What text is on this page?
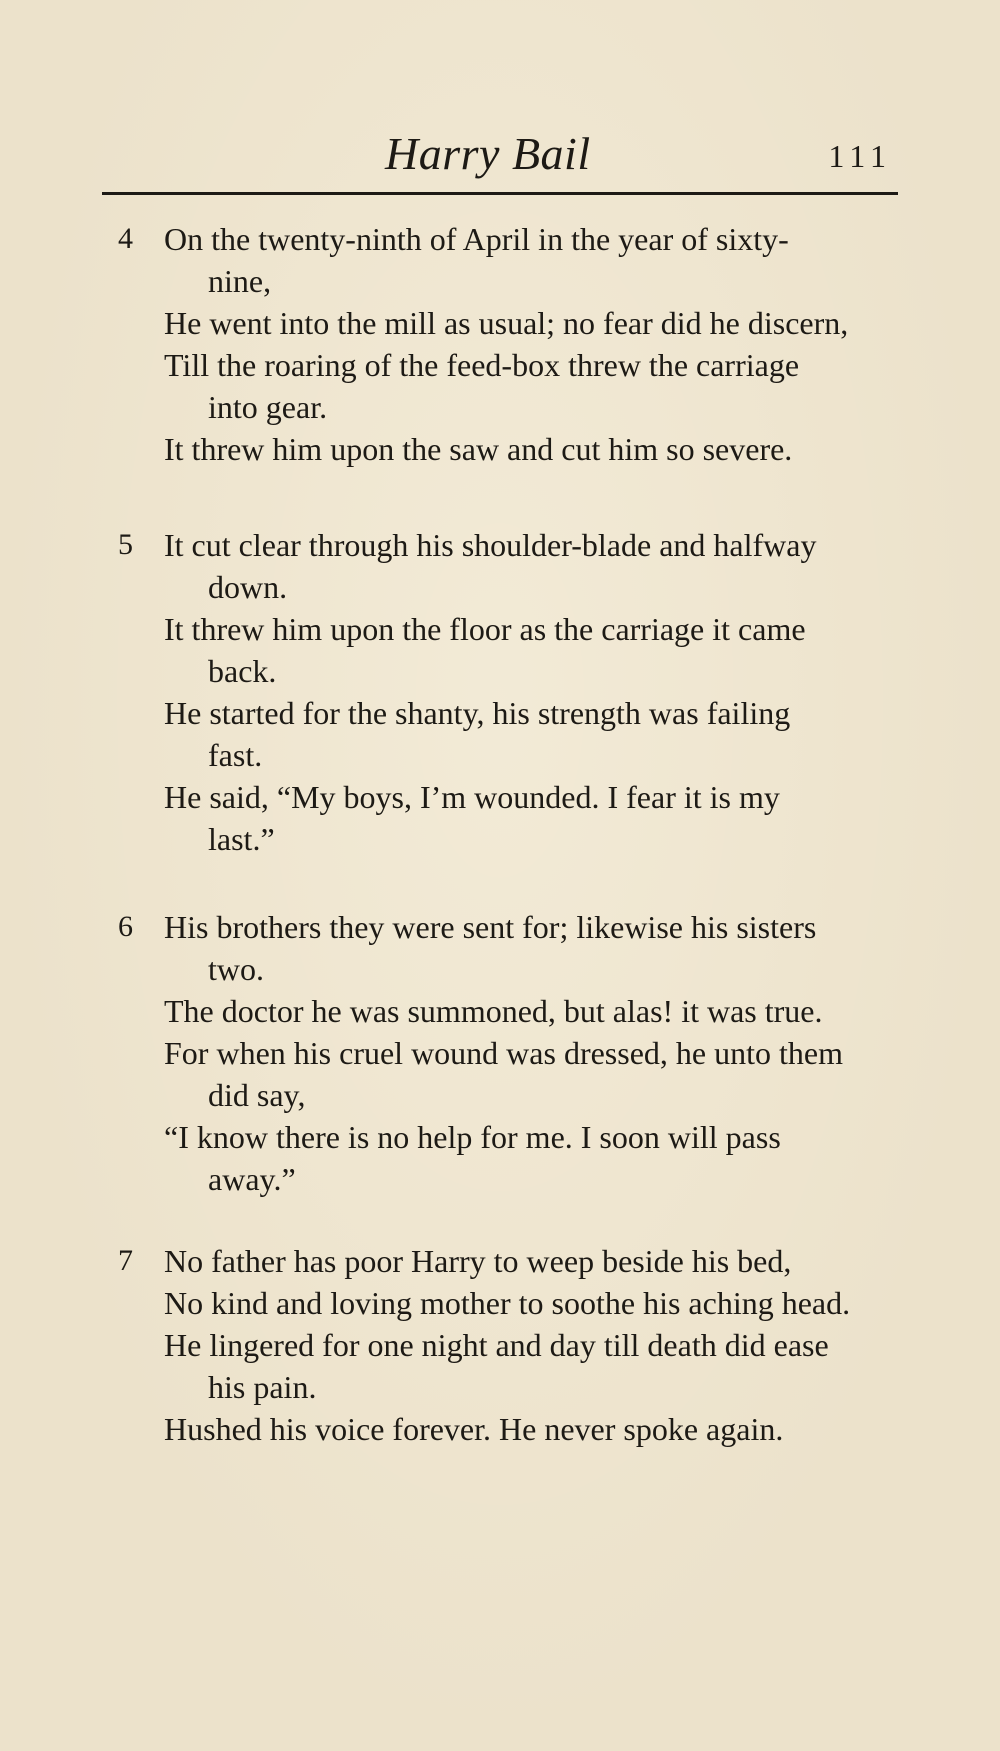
Harry Bail	111
4 On the twenty-ninth of April in the year of sixty-
nine,
He went into the mill as usual; no fear did he discern,
Till the roaring of the feed-box threw the carriage
into gear.
It threw him upon the saw and cut him so severe.
5 It cut clear through his shoulder-blade and halfway
down.
It threw him upon the floor as the carriage it came
back.
He started for the shanty, his strength was failing
fast.
He said, “My boys, I’m wounded. I fear it is my
last.”
6 His brothers they were sent for; likewise his sisters
two.
The doctor he was summoned, but alas! it was true.
For when his cruel wound was dressed, he unto them
did say,
“I know there is no help for me. I soon will pass
away.”
7 No father has poor Harry to weep beside his bed,
No kind and loving mother to soothe his aching head.
He lingered for one night and day till death did ease
his pain.
Hushed his voice forever. He never spoke again.
